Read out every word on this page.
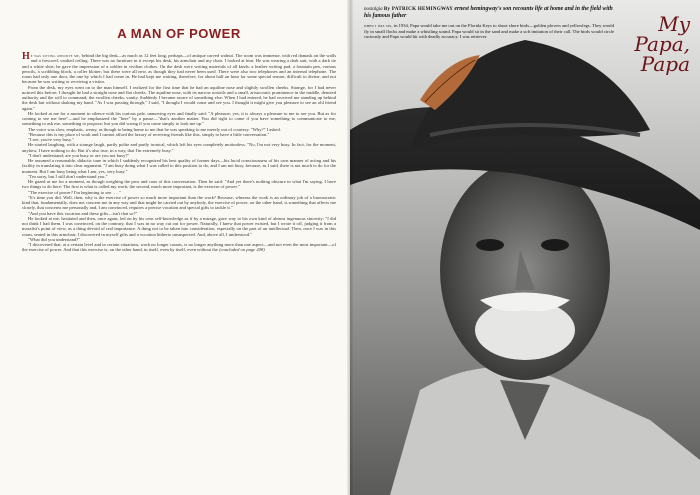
A MAN OF POWER

He was sitting opposite me, behind the big desk—as much as 12 feet long, perhaps—of antique carved walnut. The room was immense, with red damask on the walls and a frescoed, vaulted ceiling. There was no furniture in it except his desk, his armchair and my chair. I looked at him: He was wearing a dark suit, with a dark tie and a white shirt; he gave the impression of a soldier in civilian clothes. On the desk were writing materials of all kinds: a leather writing pad, a fountain pen, various pencils, a scribbling block, a roller blotter; but these were all new, as though they had never been used. There were also two telephones and an internal telephone. The room had only one door, the one by which I had come in. He had kept me waiting, therefore, for about half an hour for some special reason, difficult to divine, and not because he was writing or receiving a visitor.

From the desk, my eyes went on to the man himself. I realized for the first time that he had an aquiline nose and slightly swollen cheeks. Strange, for I had never noticed this before; I thought he had a straight nose and flat cheeks. The aquiline nose, with its narrow nostrils and a small, aristocratic prominence in the middle, denoted authority and the will to command; the swollen cheeks, vanity. Suddenly I became aware of something else: When I had entered, he had received me standing up behind the desk but without shaking my hand. "As I was passing through," I said, "I thought I would come and see you. I thought it might give you pleasure to see an old friend again."

He looked at me for a moment in silence with his curious pale, unmoving eyes and finally said: "A pleasure, yes, it is always a pleasure to me to see you. But as for coming to see me here"—and he emphasized the "here" by a pause—"that's another matter. You did right to come if you have something to communicate to me, something to ask me, something to propose; but you did wrong if you came simply to look me up."

The voice was slow, emphatic, weary, as though to being home to me that he was speaking to me merely out of courtesy. "Why?" I asked.

"Because this is my place of work and I cannot afford the luxury of receiving friends like this, simply to have a little conversation."

"I see, you're very busy."

He started laughing, with a strange laugh, partly polite and partly ironical, which left his eyes completely motionless. "No, I'm not very busy. In fact, for the moment, anyhow, I have nothing to do. But it's also true, in a way, that I'm extremely busy."

"I don't understand; are you busy or are you not busy?"

He assumed a reasonable, didactic tone in which I suddenly recognized his best quality of former days—his lucid consciousness of his own manner of acting and his facility in translating it into clear argument. "I am busy doing what I was called to this position to do, and I am not busy, because, as I said, there is not much to do for the moment. But I am busy being what I am, yes, very busy."

"I'm sorry, but I still don't understand you."

He gazed at me for a moment, as though weighing the pros and cons of this conversation. Then he said: "And yet there's nothing obscure in what I'm saying. I have two things to do here: The first is what is called my work; the second, much more important, is the exercise of power."

"The exercise of power? I'm beginning to see. . . ."

"It's time you did. Well, then, why is the exercise of power so much more important than the work? Because, whereas the work is an ordinary job of a bureaucratic kind that, fundamentally, does not concern me in any way and that might be carried out by anybody, the exercise of power, on the other hand, is something that affects me closely, that concerns me personally and, I am convinced, requires a precise vocation and special gifts to tackle it."

"And you have this vocation and these gifts—isn't that so?"

He looked at me, hesitated and then, once again, led on by his own self-knowledge as if by a mirage, gave way to his own kind of almost ingenuous sincerity: "I did not think I had them. I was convinced, on the contrary, that I was in no way cut out for power. Naturally, I knew that power existed, but I wrote it off, judging it from a moralist's point of view, as a thing devoid of real importance. A thing not to be taken into consideration, especially on the part of an intellectual. Then, once I was in this room, seated in this armchair, I discovered in myself gifts and a vocation hitherto unsuspected. And, above all, I understood."

"What did you understand?"

"I discovered that, at a certain level and in certain situations, work no longer counts, is no longer anything more than one aspect—and not even the most important—of the exercise of power. And that this exercise is, on the other hand, in itself, even by itself, even without the (concluded on page 208)

nostalgia By PATRICK HEMINGWAY ernest hemingway's son recounts life at home and in the field with his famous father

when i was six, in 1934, Papa would take me out on the Florida Keys to shoot shore birds—golden plovers and yellowlegs. They would fly in small flocks and make a whistling sound. Papa would sit in the sand and make a soft imitation of their call. The birds would circle curiously and Papa would hit with deadly accuracy. I was retriever.

My
Papa,
Papa
